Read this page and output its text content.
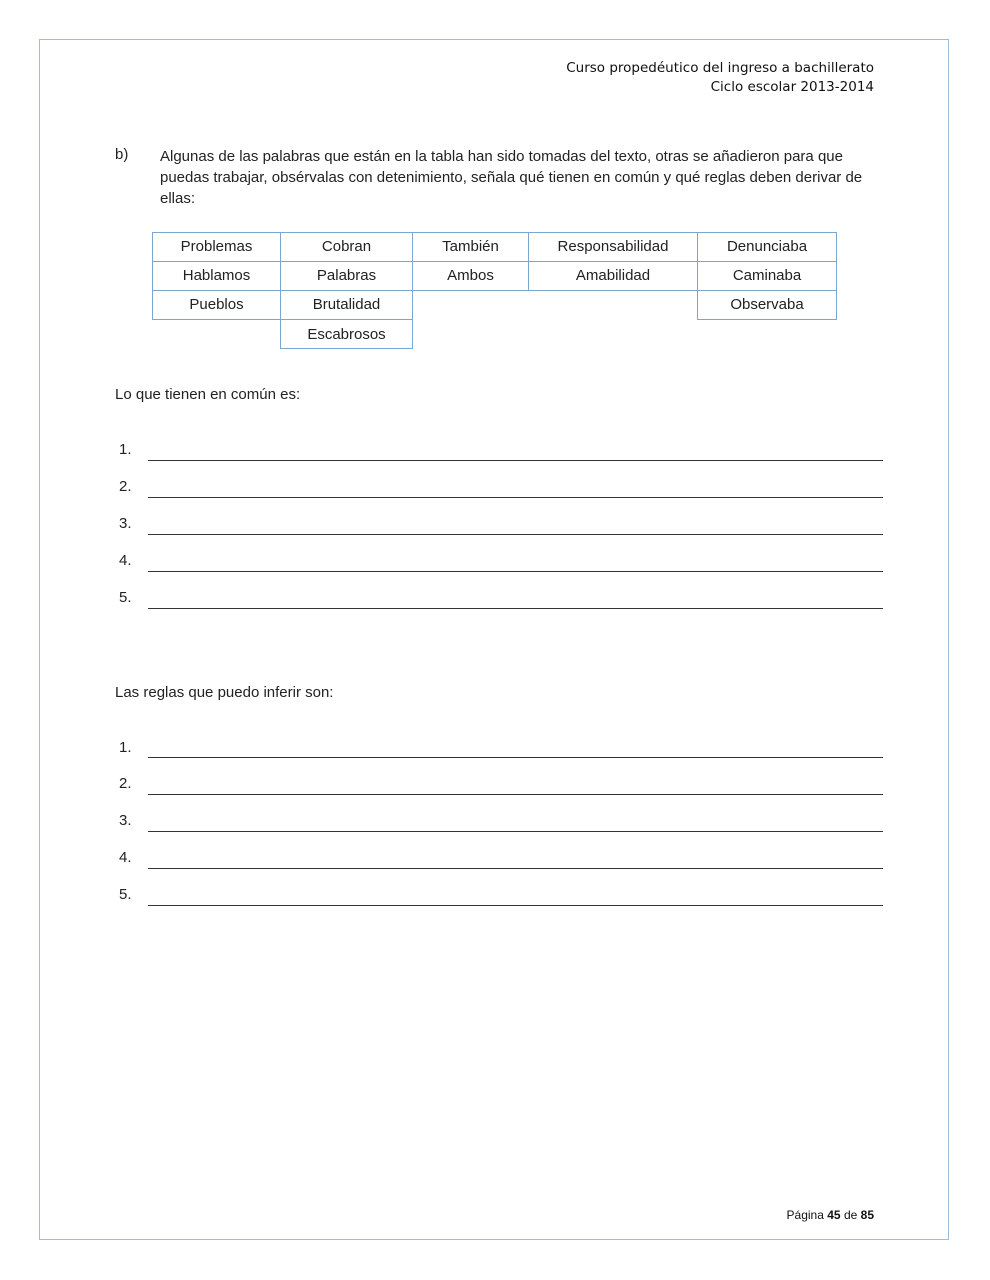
Curso propedéutico del ingreso a bachillerato
Ciclo escolar 2013-2014
b) Algunas de las palabras que están en la tabla han sido tomadas del texto, otras se añadieron para que puedas trabajar, obsérvalas con detenimiento, señala qué tienen en común y qué reglas deben derivar de ellas:
Problemas
Hablamos
Pueblos
Cobran
Palabras
Brutalidad
Escabrosos
También
Ambos
Responsabilidad
Amabilidad
Denunciaba
Caminaba
Observaba
Lo que tienen en común es:
1.
2.
3.
4.
5.
Las reglas que puedo inferir son:
1.
2.
3.
4.
5.
Página 45 de 85
